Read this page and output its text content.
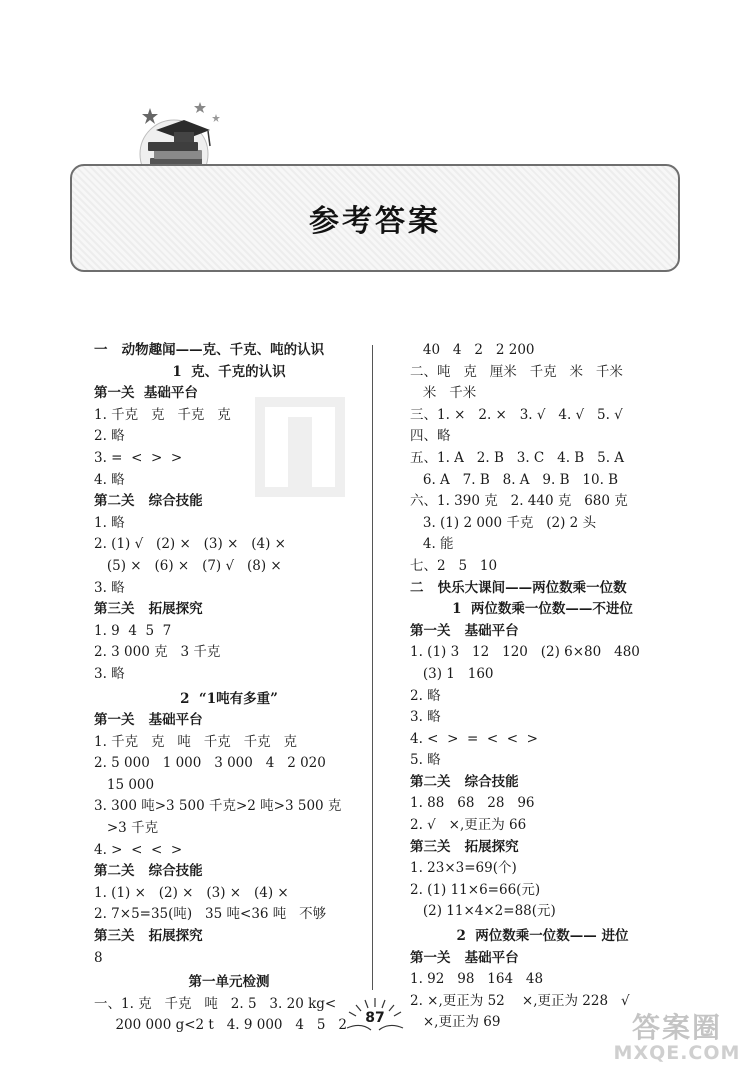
参考答案
一   动物趣闻——克、千克、吨的认识
1  克、千克的认识
第一关  基础平台
1. 千克   克   千克   克
2. 略
3. =  <  >  >
4. 略
第二关   综合技能
1. 略
2. (1) √   (2) ×   (3) ×   (4) ×
(5) ×   (6) ×   (7) √   (8) ×
3. 略
第三关   拓展探究
1. 9  4  5  7
2. 3 000 克   3 千克
3. 略
2  “1吨有多重”
第一关   基础平台
1. 千克   克   吨   千克   千克   克
2. 5 000   1 000   3 000   4   2 020
15 000
3. 300 吨>3 500 千克>2 吨>3 500 克
>3 千克
4. >  <  <  >
第二关   综合技能
1. (1) ×   (2) ×   (3) ×   (4) ×
2. 7×5=35(吨)   35 吨<36 吨   不够
第三关   拓展探究
8
第一单元检测
一、1. 克   千克   吨   2. 5   3. 20 kg<
200 000 g<2 t   4. 9 000   4   5   2
40   4   2   2 200
二、吨   克   厘米   千克   米   千米
米   千米
三、1. ×   2. ×   3. √   4. √   5. √
四、略
五、1. A   2. B   3. C   4. B   5. A
6. A   7. B   8. A   9. B   10. B
六、1. 390 克   2. 440 克   680 克
3. (1) 2 000 千克   (2) 2 头
4. 能
七、2   5   10
二   快乐大课间——两位数乘一位数
1  两位数乘一位数——不进位
第一关   基础平台
1. (1) 3   12   120   (2) 6×80   480
(3) 1   160
2. 略
3. 略
4. <  >  =  <  <  >
5. 略
第二关   综合技能
1. 88   68   28   96
2. √   ×,更正为 66
第三关   拓展探究
1. 23×3=69(个)
2. (1) 11×6=66(元)
(2) 11×4×2=88(元)
2  两位数乘一位数—— 进位
第一关   基础平台
1. 92   98   164   48
2. ×,更正为 52    ×,更正为 228   √
×,更正为 69
87	答案圈
MXQE.COM
